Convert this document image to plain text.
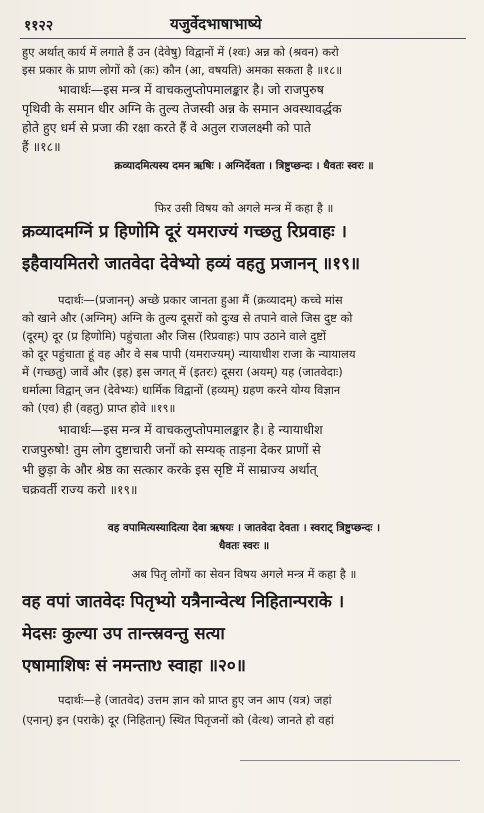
११२२	यजुर्वेदभाषाभाष्ये
हुए अर्थात् कार्य में लगाते हैं उन (देवेषु) विद्वानों में (श्वः) अन्न को (श्रवन) करो
इस प्रकार के प्राण लोगों को (कः) कौन (आ, वषयति) अमका सकता है ॥१८॥
भावार्थः—इस मन्त्र में वाचकलुप्तोपमालङ्कार है। जो राजपुरुष
पृथिवी के समान धीर अग्नि के तुल्य तेजस्वी अन्न के समान अवस्थावर्द्धक
होते हुए धर्म से प्रजा की रक्षा करते हैं वे अतुल राजलक्ष्मी को पाते
हैं ॥१८॥
क्रव्यादमित्यस्य दमन ऋषिः । अग्निर्देवता । त्रिष्टुप्छन्दः । धैवतः स्वरः ॥
फिर उसी विषय को अगले मन्त्र में कहा है ॥
क्रव्यादमग्निं प्र हिणोमि दूरं यमराज्यं गच्छतु रिप्रवाहः ।
इहैवायमितरो जातवेदा देवेभ्यो हव्यं वहतु प्रजानन् ॥१९॥
पदार्थः—(प्रजानन्) अच्छे प्रकार जानता हुआ मैं (क्रव्यादम्) कच्चे मांस
को खाने और (अग्निम्) अग्नि के तुल्य दूसरों को दुःख से तपाने वाले जिस दुष्ट को
(दूरम्) दूर (प्र हिणोमि) पहुंचाता और जिस (रिप्रवाहः) पाप उठाने वाले दुष्टों
को दूर पहुंचाता हूं वह और वे सब पापी (यमराज्यम्) न्यायाधीश राजा के न्यायालय
में (गच्छतु) जावें और (इह) इस जगत् में (इतरः) दूसरा (अयम्) यह (जातवेदाः)
धर्मात्मा विद्वान् जन (देवेभ्यः) धार्मिक विद्वानों (हव्यम्) ग्रहण करने योग्य विज्ञान
को (एव) ही (वहतु) प्राप्त होवे ॥१९॥
भावार्थः—इस मन्त्र में वाचकलुप्तोपमालङ्कार है। हे न्यायाधीश
राजपुरुषो! तुम लोग दुष्टाचारी जनों को सम्यक् ताड़ना देकर प्राणों से
भी छुड़ा के और श्रेष्ठ का सत्कार करके इस सृष्टि में साम्राज्य अर्थात्
चक्रवर्ती राज्य करो ॥१९॥
वह वपामित्यस्यादित्या देवा ऋषयः । जातवेदा देवता । स्वराट् त्रिष्टुप्छन्दः ।
धैवतः स्वरः ॥
अब पितृ लोगों का सेवन विषय अगले मन्त्र में कहा है ॥
वह वपां जातवेदः पितृभ्यो यत्रैनान्वेत्थ निहितान्पराके ।
मेदसः कुल्या उप तान्त्स्रवन्तु सत्या
एषामाशिषः सं नमन्ताᳪ स्वाहा ॥२०॥
पदार्थः—हे (जातवेद) उत्तम ज्ञान को प्राप्त हुए जन आप (यत्र) जहां
(एनान्) इन (पराके) दूर (निहितान्) स्थित पितृजनों को (वेत्थ) जानते हो वहां
